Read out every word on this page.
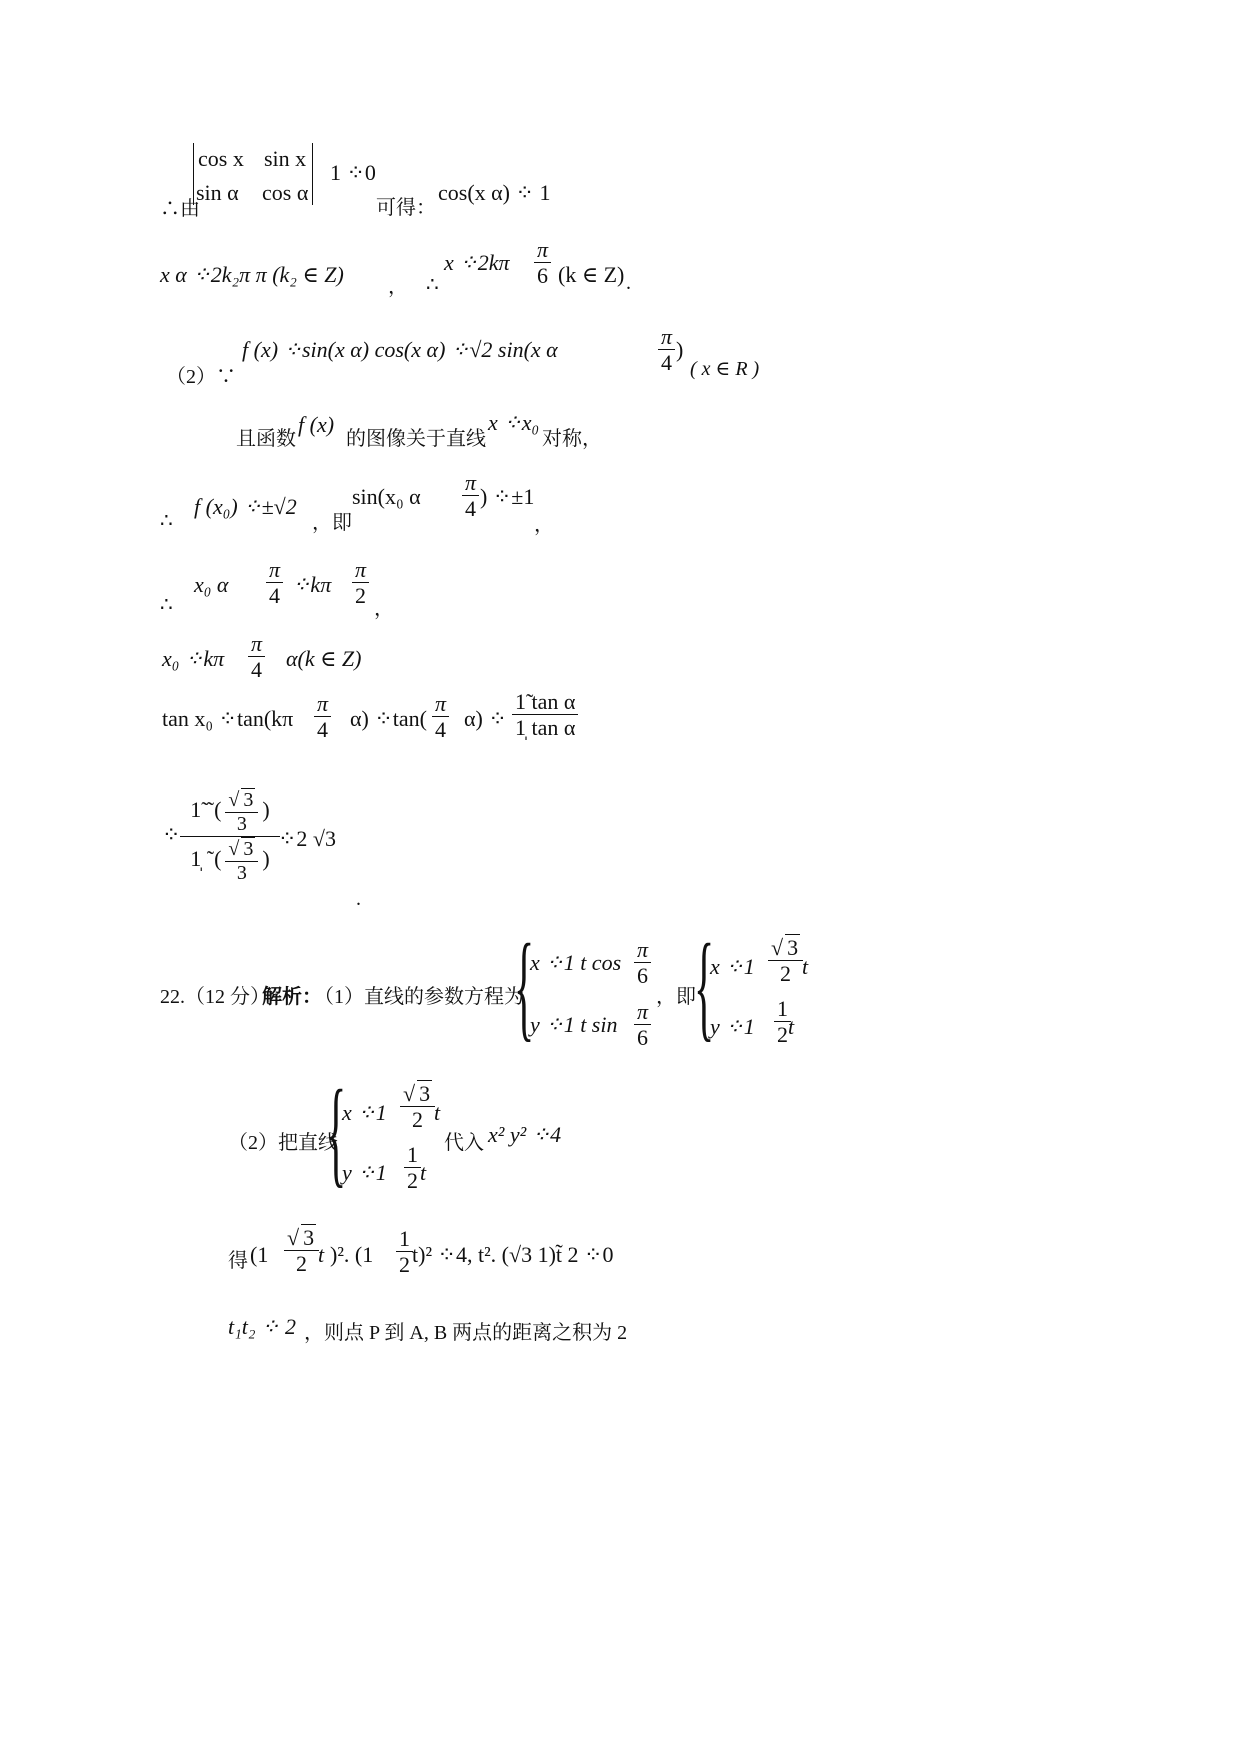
∴由
cos x sin x
sin α cos α
1 ⁘0
可得：
cos(x α) ⁘ 1
x α ⁘2k₂π π (k₂ ∈ Z) ， ∴
x ⁘2kπ $\frac{\pi}{6} (k$ ∈ Z) .
（2）∵
f (x) ⁘sin(x α) cos(x α) ⁘√2 sin(x α	$\frac{\pi}{4}$ )
( x ∈ R )
且函数
f (x)
的图像关于直线
x ⁘x₀
对称，
∴
f (x₀) ⁘±√2
，即
sin(x₀ α $\frac{\pi}{4}$ ) ⁘±1
，
∴
x₀ α $\frac{\pi}{4}$ ⁘kπ $\frac{\pi}{2}$
，
x₀ ⁘kπ $\frac{\pi}{4} \alpha(k$ ∈ Z)
tan x₀ ⁘tan(kπ $\frac{\pi}{4} \alpha$) ⁘tan( $\frac{\pi}{4} \alpha$) ⁘ $\frac{\text{1̃ tan α}}{\text{1̩ tan α}}$
⁘ $\frac{1̃ ˜( \frac{√ 3}{3} )}{1̩ ˜( \frac{√ 3}{3} )}$
⁘2 √3
.
22.（12 分）
解析：
（1）直线的参数方程为
{
x ⁘1 t $\cos \frac{\pi}{6}$
y ⁘1 t $\sin \frac{\pi}{6}$
，即
{
x ⁘1 $\frac{√ 3}{2}$
t
y ⁘1 $\frac{1}{2}$
t
（2）把直线
{
x ⁘1 $\frac{√ 3}{2}$
t
y ⁘1 $\frac{1}{2}$ t
代入 x² y² ⁘4
得 ($1 \frac{√ 3}{2}$
t )². $(1 \frac{1}{2} t)^2$ ⁘4, t². (√3 1)t̃ 2 ⁘0
t₁t₂ ⁘ 2 ，则点 P 到 A, B 两点的距离之积为 2
